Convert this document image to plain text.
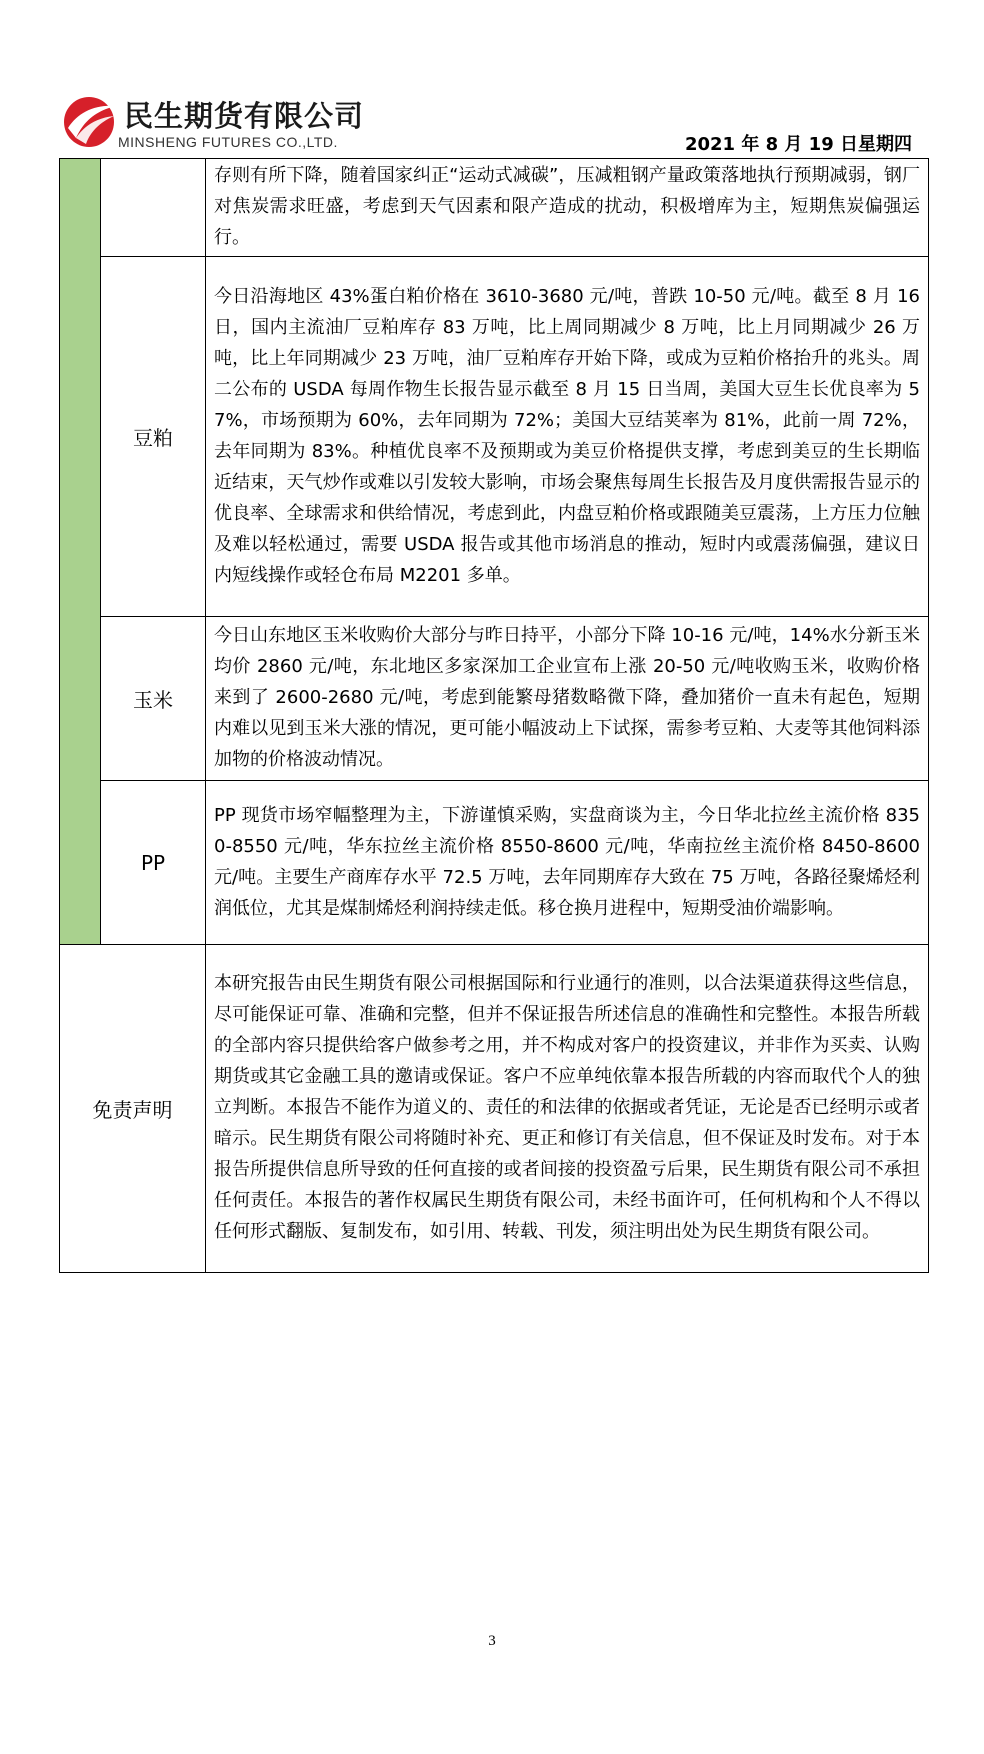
民生期货有限公司
MINSHENG FUTURES CO.,LTD.	2021 年 8 月 19 日星期四
		存则有所下降，随着国家纠正“运动式减碳”，压减粗钢产量政策落地执行预期减弱，钢厂对焦炭需求旺盛，考虑到天气因素和限产造成的扰动，积极增库为主，短期焦炭偏强运行。
	豆粕	今日沿海地区 43%蛋白粕价格在 3610-3680 元/吨，普跌 10-50 元/吨。截至 8 月 16 日，国内主流油厂豆粕库存 83 万吨，比上周同期减少 8 万吨，比上月同期减少 26 万吨，比上年同期减少 23 万吨，油厂豆粕库存开始下降，或成为豆粕价格抬升的兆头。周二公布的 USDA 每周作物生长报告显示截至 8 月 15 日当周，美国大豆生长优良率为 57%，市场预期为 60%，去年同期为 72%；美国大豆结荚率为 81%，此前一周 72%，去年同期为 83%。种植优良率不及预期或为美豆价格提供支撑，考虑到美豆的生长期临近结束，天气炒作或难以引发较大影响，市场会聚焦每周生长报告及月度供需报告显示的优良率、全球需求和供给情况，考虑到此，内盘豆粕价格或跟随美豆震荡，上方压力位触及难以轻松通过，需要 USDA 报告或其他市场消息的推动，短时内或震荡偏强，建议日内短线操作或轻仓布局 M2201 多单。
	玉米	今日山东地区玉米收购价大部分与昨日持平，小部分下降 10-16 元/吨，14%水分新玉米均价 2860 元/吨，东北地区多家深加工企业宣布上涨 20-50 元/吨收购玉米，收购价格来到了 2600-2680 元/吨，考虑到能繁母猪数略微下降，叠加猪价一直未有起色，短期内难以见到玉米大涨的情况，更可能小幅波动上下试探，需参考豆粕、大麦等其他饲料添加物的价格波动情况。
	PP	PP 现货市场窄幅整理为主，下游谨慎采购，实盘商谈为主，今日华北拉丝主流价格 8350-8550 元/吨，华东拉丝主流价格 8550-8600 元/吨，华南拉丝主流价格 8450-8600 元/吨。主要生产商库存水平 72.5 万吨，去年同期库存大致在 75 万吨，各路径聚烯烃利润低位，尤其是煤制烯烃利润持续走低。移仓换月进程中，短期受油价端影响。
免责声明		本研究报告由民生期货有限公司根据国际和行业通行的准则，以合法渠道获得这些信息，尽可能保证可靠、准确和完整，但并不保证报告所述信息的准确性和完整性。本报告所载的全部内容只提供给客户做参考之用，并不构成对客户的投资建议，并非作为买卖、认购期货或其它金融工具的邀请或保证。客户不应单纯依靠本报告所载的内容而取代个人的独立判断。本报告不能作为道义的、责任的和法律的依据或者凭证，无论是否已经明示或者暗示。民生期货有限公司将随时补充、更正和修订有关信息，但不保证及时发布。对于本报告所提供信息所导致的任何直接的或者间接的投资盈亏后果，民生期货有限公司不承担任何责任。本报告的著作权属民生期货有限公司，未经书面许可，任何机构和个人不得以任何形式翻版、复制发布，如引用、转载、刊发，须注明出处为民生期货有限公司。
3
